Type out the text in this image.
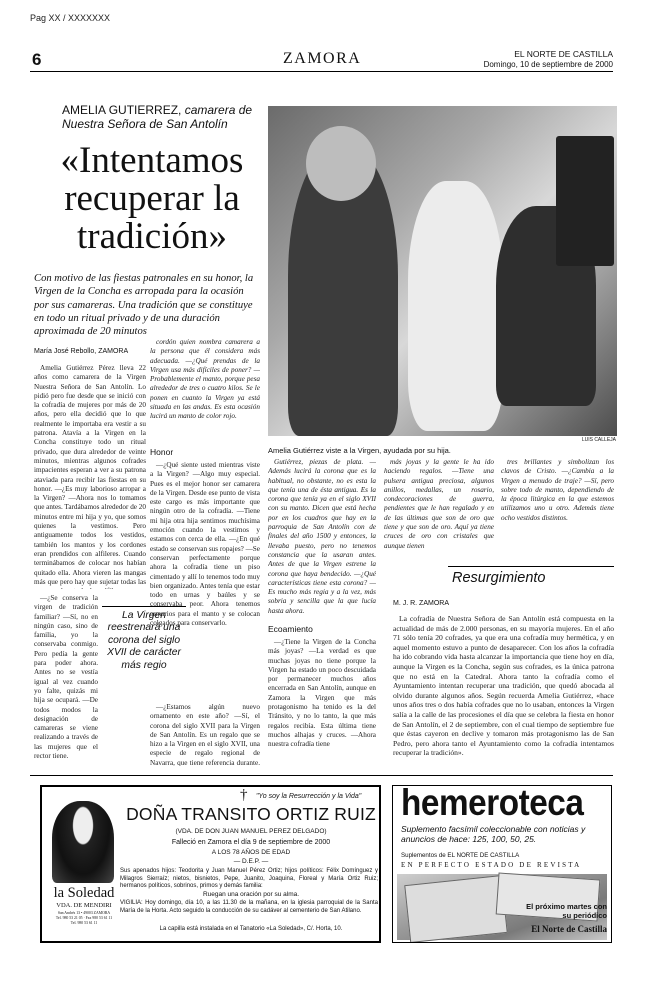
Pag XX / XXXXXXX
6	ZAMORA	EL NORTE DE CASTILLA
Domingo, 10 de septiembre de 2000
AMELIA GUTIERREZ, camarera de Nuestra Señora de San Antolín
«Intentamos recuperar la tradición»
Con motivo de las fiestas patronales en su honor, la Virgen de la Concha es arropada para la ocasión por sus camareras. Una tradición que se constituye en todo un ritual privado y de una duración aproximada de 20 minutos
María José Rebollo, ZAMORA
LUIS CALLEJA
Amelia Gutiérrez viste a la Virgen, ayudada por su hija.

Amelia Gutiérrez Pérez lleva 22 años como camarera de la Virgen Nuestra Señora de San Antolín. Lo pidió pero fue desde que se inició con la cofradía de mujeres por más de 20 años, pero ella decidió que lo que realmente le importaba era vestir a su patrona. Atavía a la Virgen en la Concha constituye todo un ritual privado, que dura alrededor de veinte minutos, mientras algunos cofrades impacientes esperan a ver a su patrona ataviada para recibir las fiestas en su honor. —¿Es muy laborioso arropar a la Virgen? —Ahora nos lo tomamos que antes. Tardábamos alrededor de 20 minutos entre mi hija y yo, que somos quienes la vestimos. Pero antiguamente todos los vestidos, también los mantos y los cordones eran prendidos con alfileres. Cuando terminábamos de colocar nos habían quitado ella. Ahora vieren las mangas más que pero hay que sujetar todas las

La Virgen reestrenará una corona del siglo XVII de carácter más regio

—¿Se conserva la virgen de tradición familiar? —Sí, no en ningún caso, sino de familia, yo la conservaba conmigo. Pero pedía la gente para poder ahora. Antes no se vestía igual al vez cuando yo falte, quizás mi hija se ocupará. —De todos modos la designación de camareras se viene realizando a través de las mujeres que el rector tiene.

cordón quien nombra camarera a la persona que él considera más adecuada. —¿Qué prendas de la Virgen usa más difíciles de poner? —Probablemente el manto, porque pesa alrededor de tres o cuatro kilos. Se le ponen en cuanto la Virgen ya está situada en las andas. Es esta ocasión lucirá un manto de color rojo.

Honor

—¿Qué siente usted mientras viste a la Virgen? —Algo muy especial. Pues es el mejor honor ser camarera de la Virgen. Desde ese punto de vista este cargo es más importante que ningún otro de la cofradía. —Tiene mi hija otra hija sentimos muchísima emoción cuando la vestimos y estamos con cerca de ella. —¿En qué estado se conservan sus ropajes? —Se conservan perfectamente porque ahora la cofradía tiene un piso cimentado y allí lo tenemos todo muy bien organizado. Antes tenía que estar todo en urnas y baúles y se conservaba peor. Ahora tenemos armarios para el manto y se colocan colgados para conservarlo.

—¿Estamos algún nuevo ornamento en este año? —Sí, el corona del siglo XVII para la Virgen de San Antolín. Es un regalo que se hizo a la Virgen en el siglo XVII, una especie de regalo regional de Navarra, que tiene referencia durante.

Gutiérrez, piezas de plata. —Además lucirá la corona que es la habitual, no obstante, no es esta la que tenía una de ésta antigua. Es la corona que tenía ya en el siglo XVII con su manto. Dicen que está hecha por en los cuadros que hay en la parroquia de San Antolín con de finales del año 1500 y entonces, la llevaba puesto, pero no tenemos constancia que la usaran antes. Antes de que la Virgen estrene la corona que haya bendecido. —¿Qué características tiene esta corona? —Es mucho más regia y a la vez, más sobria y sencilla que la que lucía hasta ahora.

Ecoamiento

—¿Tiene la Virgen de la Concha más joyas? —La verdad es que muchas joyas no tiene porque la Virgen ha estado un poco descuidada por permanecer muchos años encerrada en San Antolín, aunque en Zamora la Virgen que más protagonismo ha tenido es la del Tránsito, y no lo tanto, la que más regalos recibía. Esta última tiene muchos alhajas y cruces. —Ahora nuestra cofradía tiene

más joyas y la gente le ha ido haciendo regalos. —Tiene una pulsera antigua preciosa, algunos anillos, medallas, un rosario, condecoraciones de guerra, pendientes que le han regalado y en de las últimas que son de oro que tiene y que son de oro. Aquí ya tiene cruces de oro con cristales que aunque tienen

tres brillantes y simbolizan los clavos de Cristo. —¿Cambia a la Virgen a menudo de traje? —Sí, pero sobre todo de manto, dependiendo de la época litúrgica en la que estemos utilizamos uno u otro. Además tiene ocho vestidos distintos.

Resurgimiento
M. J. R. ZAMORA

La cofradía de Nuestra Señora de San Antolín está compuesta en la actualidad de más de 2.000 personas, en su mayoría mujeres. En el año 71 sólo tenía 20 cofrades, ya que era una cofradía muy hermética, y en aquel momento estuvo a punto de desaparecer. Con los años la cofradía ha ido cobrando vida hasta alcanzar la importancia que tiene hoy en día, aunque la Virgen es la Concha, según sus cofrades, es la única patrona que no está en la Catedral. Ahora tanto la cofradía como el Ayuntamiento intentan recuperar una tradición, que quedó abocada al olvido durante algunos años. Según recuerda Amelia Gutiérrez, «hace unos años tres o dos había cofrades que no lo usaban, entonces la Virgen salía a la calle de las procesiones el día que se celebra la fiesta en honor de San Antolín, el 2 de septiembre, con el cual tiempo de septiembre fue que éstas cayeron en declive y tomaron más protagonismo las de San Pedro, pero ahora tanto el Ayuntamiento como la cofradía intentamos recuperar la tradición».

la Soledad
VDA. DE MENDIRI
San Andrés 13 • 49003 ZAMORA
Tel. 980 53 21 05 · Fax 980 53 61 11
Tel. 980 53 61 11
† "Yo soy la Resurrección y la Vida"
DOÑA TRANSITO ORTIZ RUIZ
(VDA. DE DON JUAN MANUEL PEREZ DELGADO)
Falleció en Zamora el día 9 de septiembre de 2000
A LOS 78 AÑOS DE EDAD
— D.E.P. —
Sus apenados hijos: Teodorita y Juan Manuel Pérez Ortiz; hijos políticos: Félix Domínguez y Milagros Sierraíz; nietos, bisnietos, Pepe, Juanito, Joaquina, Floreal y María Ortiz Ruiz; hermanos políticos, sobrinos, primos y demás familia:
Ruegan una oración por su alma.
VIGILIA: Hoy domingo, día 10, a las 11.30 de la mañana, en la iglesia parroquial de la Santa María de la Horta. Acto seguido la conducción de su cadáver al cementerio de San Atilano.
La capilla está instalada en el Tanatorio «La Soledad», C/. Horta, 10.
hemeroteca
Suplemento facsímil coleccionable con noticias y anuncios de hace: 125, 100, 50, 25.
Suplementos de EL NORTE DE CASTILLA
EN PERFECTO ESTADO DE REVISTA
El próximo martes con su periódico
El Norte de Castilla
